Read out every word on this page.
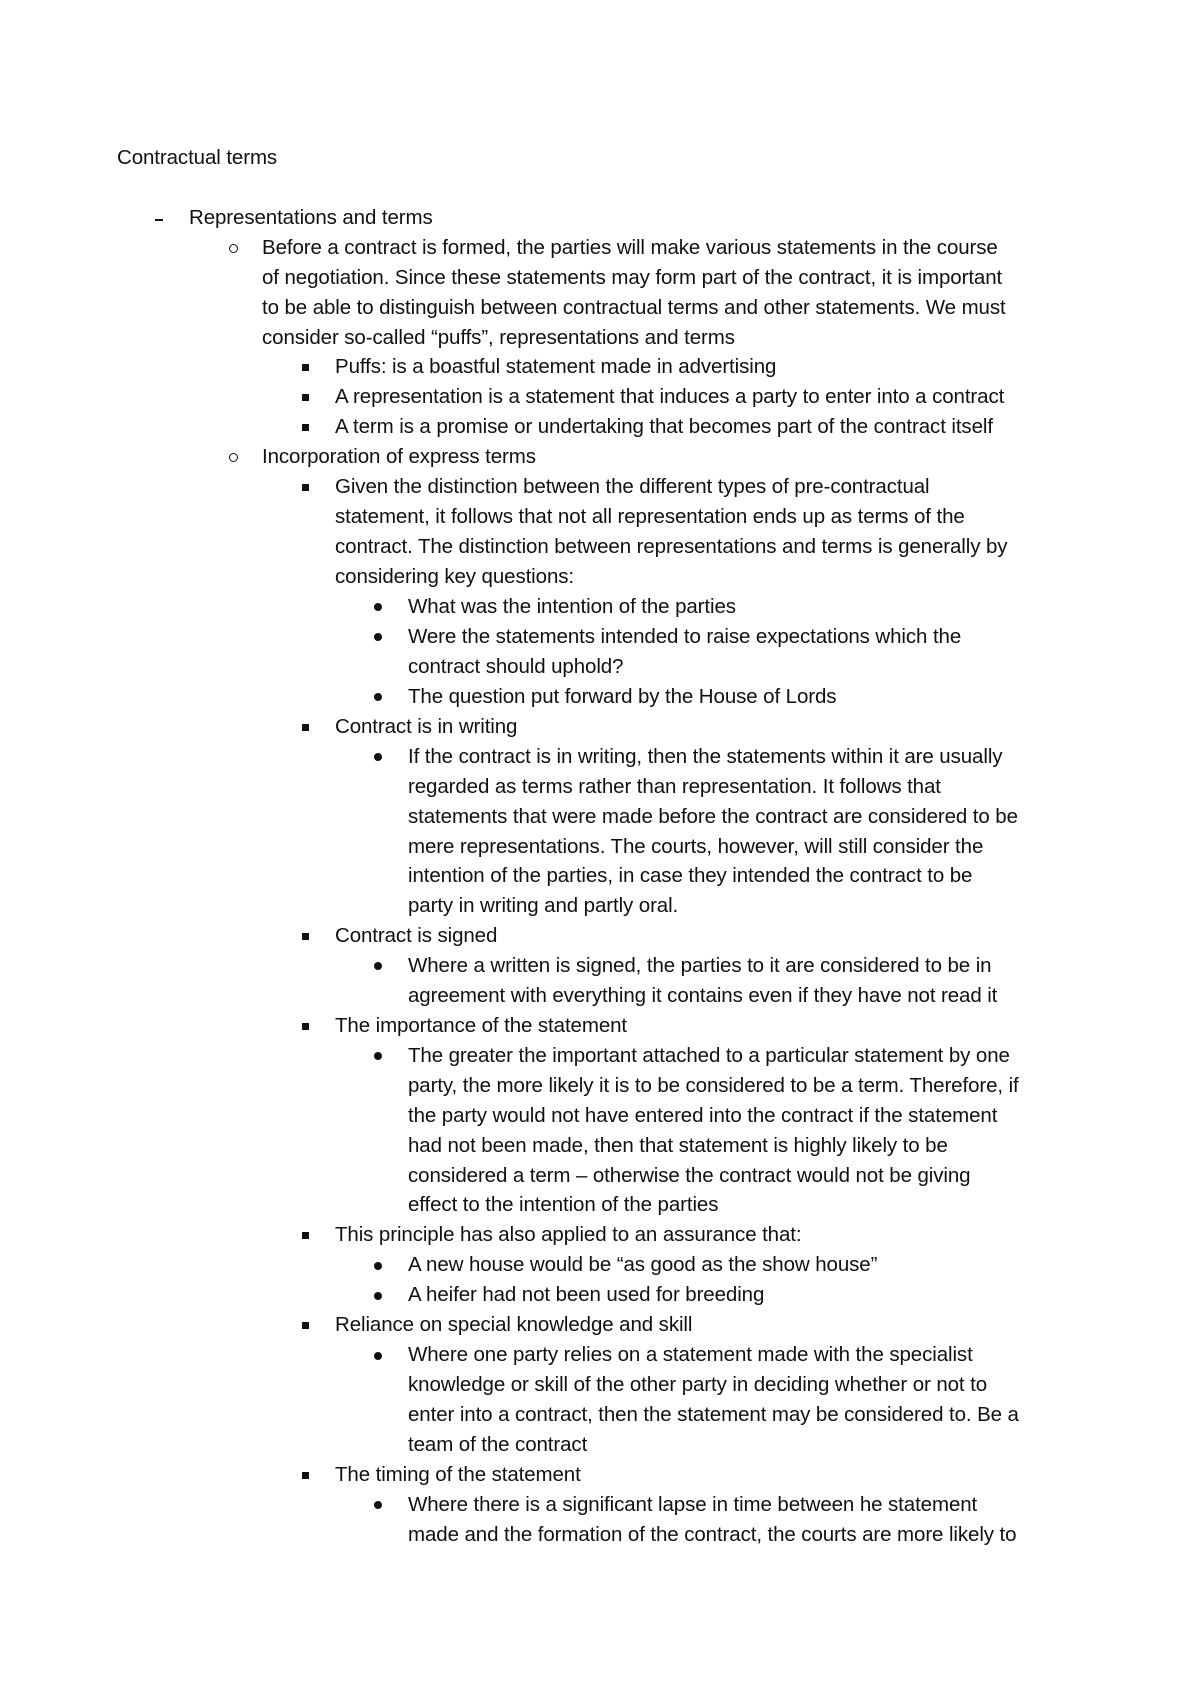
Contractual terms
Representations and terms
Before a contract is formed, the parties will make various statements in the course
of negotiation. Since these statements may form part of the contract, it is important
to be able to distinguish between contractual terms and other statements. We must
consider so-called “puffs”, representations and terms
Puffs: is a boastful statement made in advertising
A representation is a statement that induces a party to enter into a contract
A term is a promise or undertaking that becomes part of the contract itself
Incorporation of express terms
Given the distinction between the different types of pre-contractual
statement, it follows that not all representation ends up as terms of the
contract. The distinction between representations and terms is generally by
considering key questions:
What was the intention of the parties
Were the statements intended to raise expectations which the
contract should uphold?
The question put forward by the House of Lords
Contract is in writing
If the contract is in writing, then the statements within it are usually
regarded as terms rather than representation. It follows that
statements that were made before the contract are considered to be
mere representations. The courts, however, will still consider the
intention of the parties, in case they intended the contract to be
party in writing and partly oral.
Contract is signed
Where a written is signed, the parties to it are considered to be in
agreement with everything it contains even if they have not read it
The importance of the statement
The greater the important attached to a particular statement by one
party, the more likely it is to be considered to be a term. Therefore, if
the party would not have entered into the contract if the statement
had not been made, then that statement is highly likely to be
considered a term – otherwise the contract would not be giving
effect to the intention of the parties
This principle has also applied to an assurance that:
A new house would be “as good as the show house”
A heifer had not been used for breeding
Reliance on special knowledge and skill
Where one party relies on a statement made with the specialist
knowledge or skill of the other party in deciding whether or not to
enter into a contract, then the statement may be considered to. Be a
team of the contract
The timing of the statement
Where there is a significant lapse in time between he statement
made and the formation of the contract, the courts are more likely to
